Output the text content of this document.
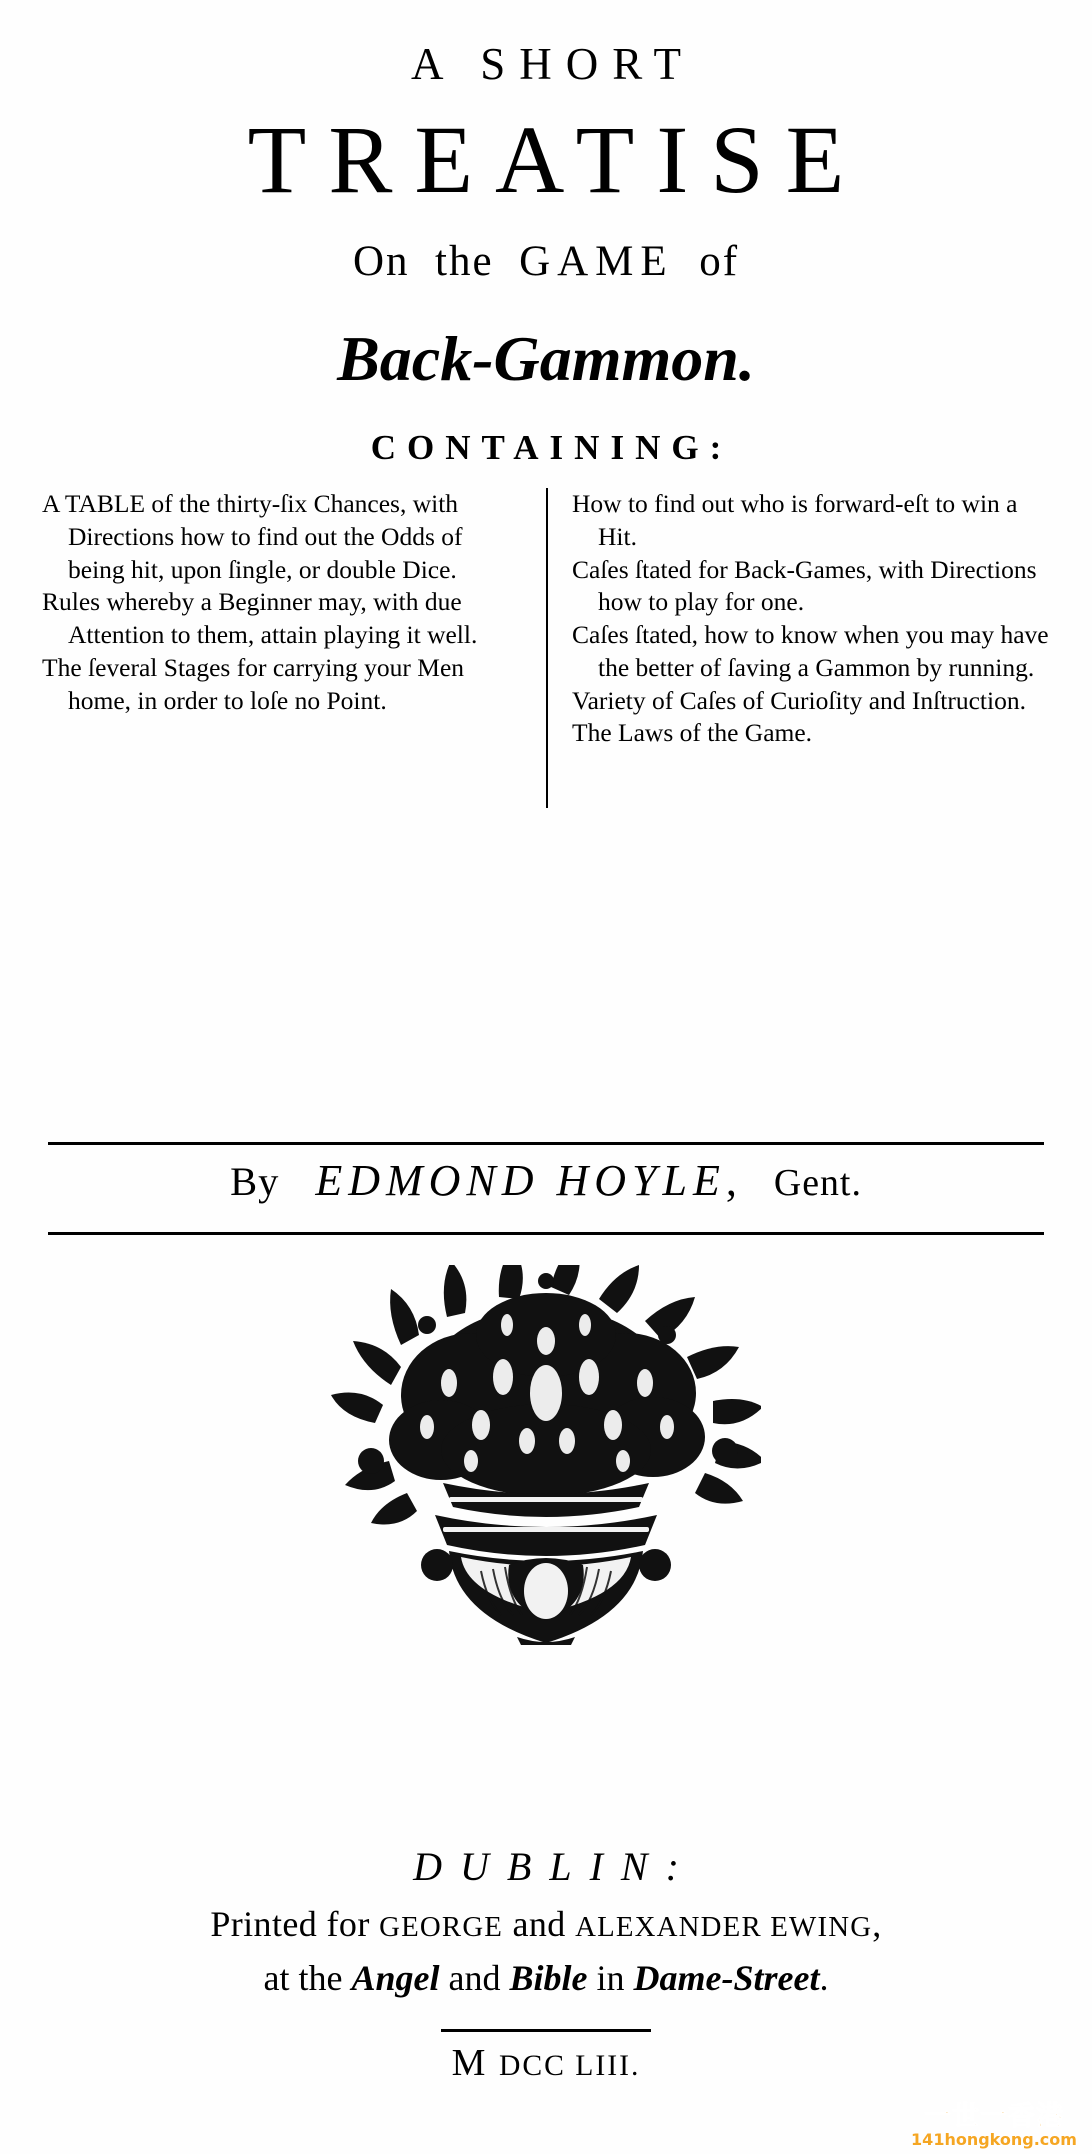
A SHORT
TREATISE
On the GAME of
Back-Gammon.
CONTAINING:
A TABLE of the thirty-ſix Chances, with Directions how to find out the Odds of being hit, upon ſingle, or double Dice.
Rules whereby a Beginner may, with due Attention to them, attain playing it well.
The ſeveral Stages for carrying your Men home, in order to loſe no Point.
How to find out who is forward-eſt to win a Hit.
Caſes ſtated for Back-Games, with Directions how to play for one.
Caſes ſtated, how to know when you may have the better of ſaving a Gammon by running.
Variety of Caſes of Curioſity and Inſtruction.
The Laws of the Game.
By EDMOND HOYLE, Gent.
DUBLIN:
Printed for GEORGE and ALEXANDER EWING,
at the Angel and Bible in Dame-Street.
M DCC LIII.
一世一香港
141hongkong.com
